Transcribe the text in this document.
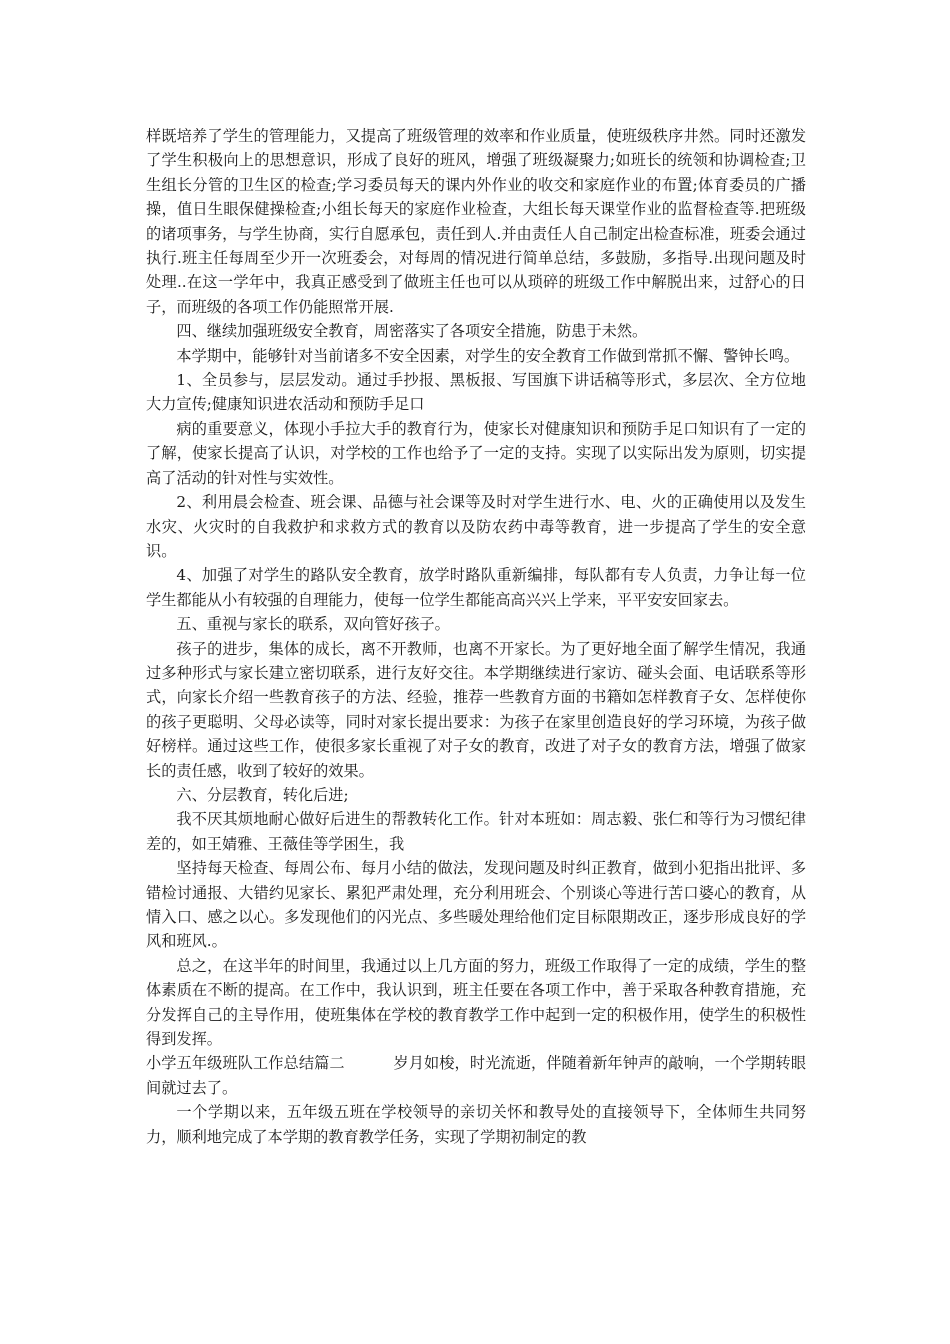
样既培养了学生的管理能力，又提高了班级管理的效率和作业质量，使班级秩序井然。同时还激发了学生积极向上的思想意识，形成了良好的班风，增强了班级凝聚力;如班长的统领和协调检查;卫生组长分管的卫生区的检查;学习委员每天的课内外作业的收交和家庭作业的布置;体育委员的广播操，值日生眼保健操检查;小组长每天的家庭作业检查，大组长每天课堂作业的监督检查等.把班级的诸项事务，与学生协商，实行自愿承包，责任到人.并由责任人自己制定出检查标准，班委会通过执行.班主任每周至少开一次班委会，对每周的情况进行简单总结，多鼓励，多指导.出现问题及时处理..在这一学年中，我真正感受到了做班主任也可以从琐碎的班级工作中解脱出来，过舒心的日子，而班级的各项工作仍能照常开展.

四、继续加强班级安全教育，周密落实了各项安全措施，防患于未然。

本学期中，能够针对当前诸多不安全因素，对学生的安全教育工作做到常抓不懈、警钟长鸣。

1、全员参与，层层发动。通过手抄报、黑板报、写国旗下讲话稿等形式，多层次、全方位地大力宣传;健康知识进农活动和预防手足口

病的重要意义，体现小手拉大手的教育行为，使家长对健康知识和预防手足口知识有了一定的了解，使家长提高了认识，对学校的工作也给予了一定的支持。实现了以实际出发为原则，切实提高了活动的针对性与实效性。

2、利用晨会检查、班会课、品德与社会课等及时对学生进行水、电、火的正确使用以及发生水灾、火灾时的自我救护和求救方式的教育以及防农药中毒等教育，进一步提高了学生的安全意识。

4、加强了对学生的路队安全教育，放学时路队重新编排，每队都有专人负责，力争让每一位学生都能从小有较强的自理能力，使每一位学生都能高高兴兴上学来，平平安安回家去。

五、重视与家长的联系，双向管好孩子。

孩子的进步，集体的成长，离不开教师，也离不开家长。为了更好地全面了解学生情况，我通过多种形式与家长建立密切联系，进行友好交往。本学期继续进行家访、碰头会面、电话联系等形式，向家长介绍一些教育孩子的方法、经验，推荐一些教育方面的书籍如怎样教育子女、怎样使你的孩子更聪明、父母必读等，同时对家长提出要求：为孩子在家里创造良好的学习环境，为孩子做好榜样。通过这些工作，使很多家长重视了对子女的教育，改进了对子女的教育方法，增强了做家长的责任感，收到了较好的效果。

六、分层教育，转化后进;

我不厌其烦地耐心做好后进生的帮教转化工作。针对本班如：周志毅、张仁和等行为习惯纪律差的，如王婧雅、王薇佳等学困生，我

坚持每天检查、每周公布、每月小结的做法，发现问题及时纠正教育，做到小犯指出批评、多错检讨通报、大错约见家长、累犯严肃处理，充分利用班会、个别谈心等进行苦口婆心的教育，从情入口、感之以心。多发现他们的闪光点、多些暖处理给他们定目标限期改正，逐步形成良好的学风和班风.。

总之，在这半年的时间里，我通过以上几方面的努力，班级工作取得了一定的成绩，学生的整体素质在不断的提高。在工作中，我认识到，班主任要在各项工作中，善于采取各种教育措施，充分发挥自己的主导作用，使班集体在学校的教育教学工作中起到一定的积极作用，使学生的积极性得到发挥。

小学五年级班队工作总结篇二	岁月如梭，时光流逝，伴随着新年钟声的敲响，一个学期转眼间就过去了。

一个学期以来，五年级五班在学校领导的亲切关怀和教导处的直接领导下，全体师生共同努力，顺利地完成了本学期的教育教学任务，实现了学期初制定的教
